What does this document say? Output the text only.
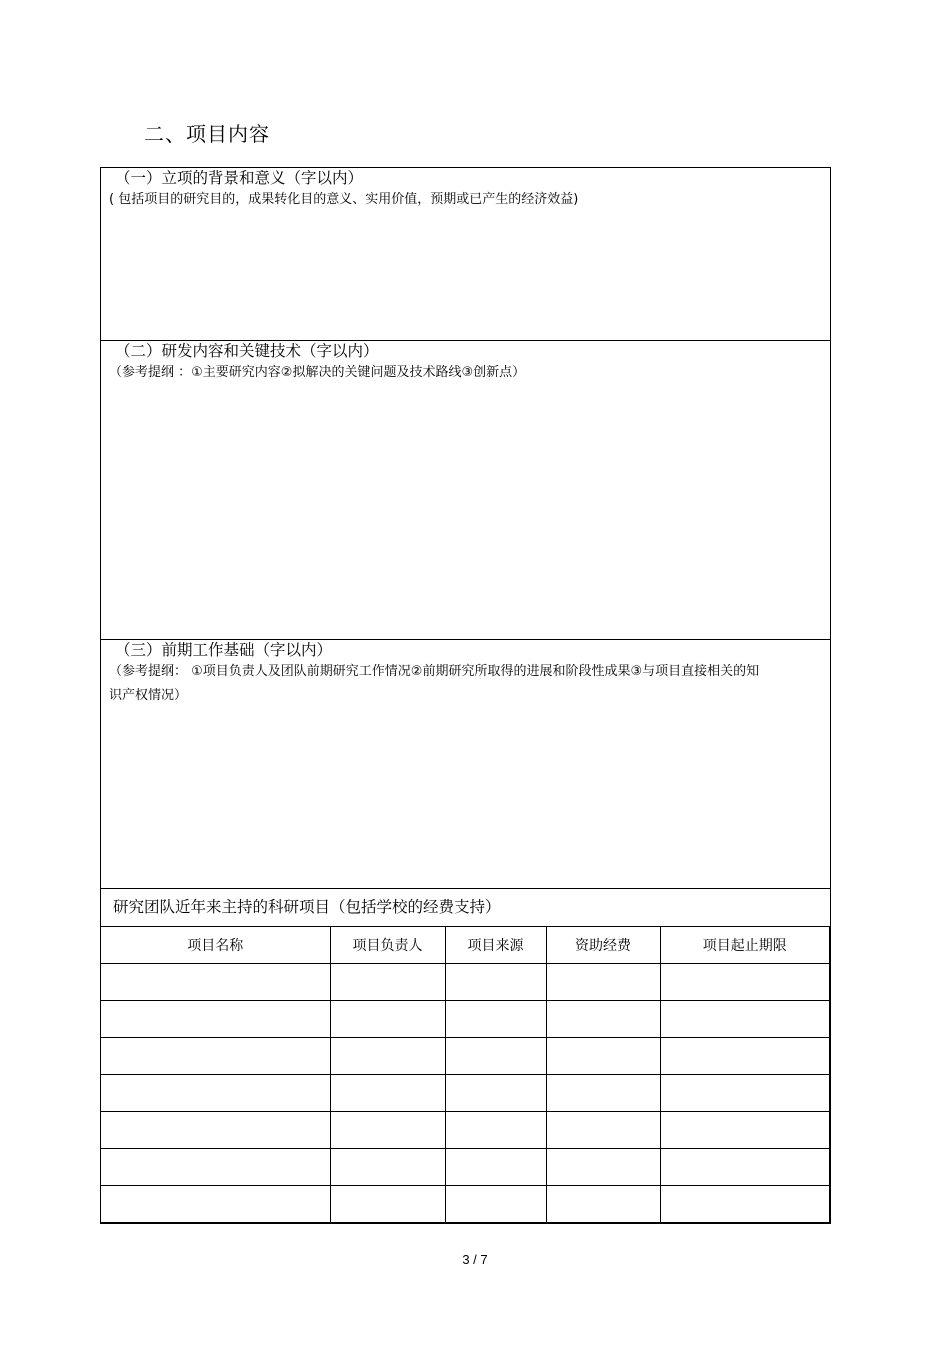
二、项目内容
（一）立项的背景和意义（字以内）
( 包括项目的研究目的，成果转化目的意义、实用价值，预期或已产生的经济效益)

（二）研发内容和关键技术（字以内）
（参考提纲 ：①主要研究内容②拟解决的关键问题及技术路线③创新点）

（三）前期工作基础（字以内）
（参考提纲： ①项目负责人及团队前期研究工作情况②前期研究所取得的进展和阶段性成果③与项目直接相关的知识产权情况）

研究团队近年来主持的科研项目（包括学校的经费支持）

项目名称	项目负责人	项目来源	资助经费	项目起止期限

3 / 7
